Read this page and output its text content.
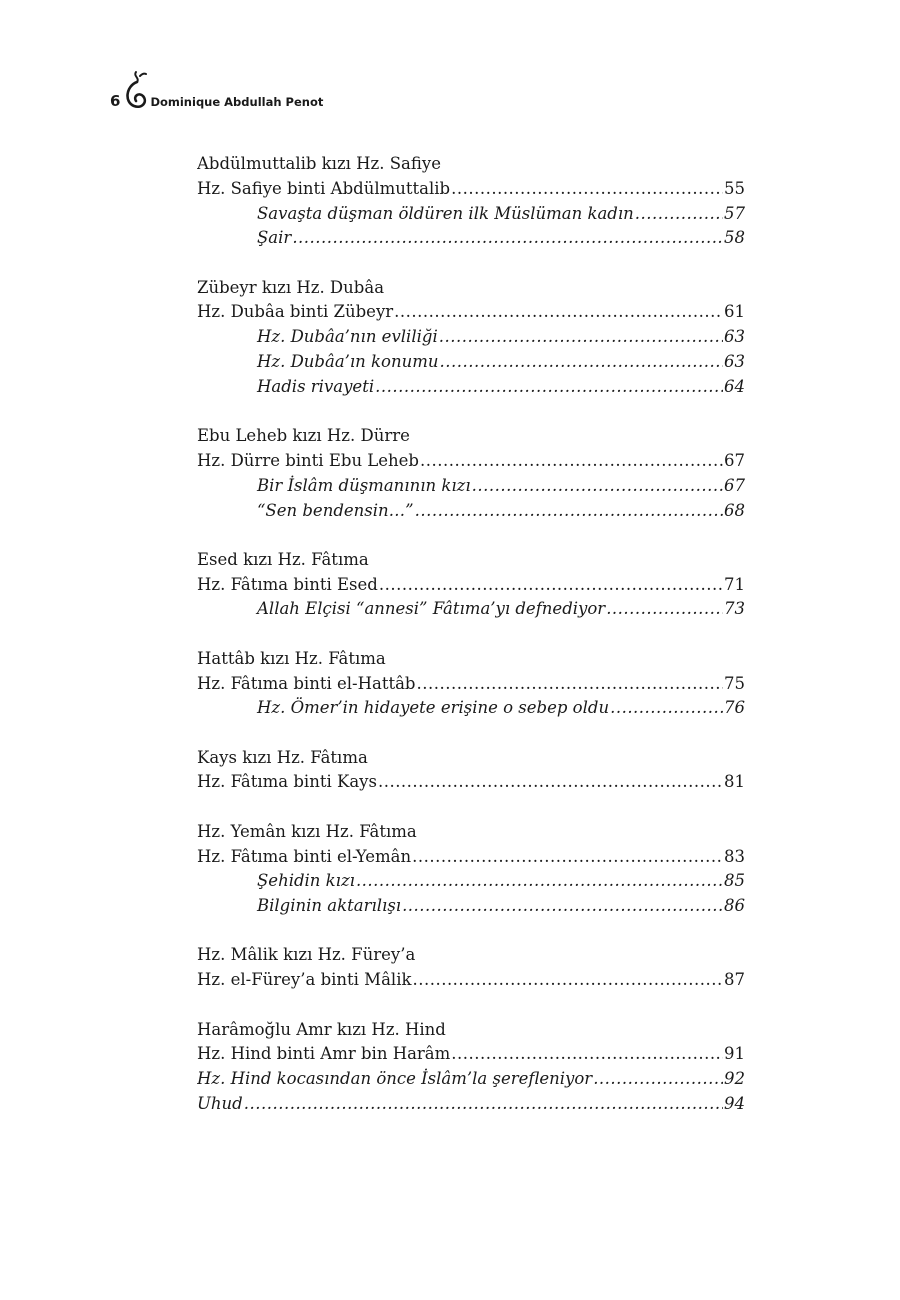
6	Dominique Abdullah Penot
Abdülmuttalib kızı Hz. Safiye
Hz. Safiye binti Abdülmuttalib .....	55
Savaşta düşman öldüren ilk Müslüman kadın .....	57
Şair .....	58
Zübeyr kızı Hz. Dubâa
Hz. Dubâa binti Zübeyr .....	61
Hz. Dubâa’nın evliliği .....	63
Hz. Dubâa’ın konumu .....	63
Hadis rivayeti .....	64
Ebu Leheb kızı Hz. Dürre
Hz. Dürre binti Ebu Leheb .....	67
Bir İslâm düşmanının kızı .....	67
“Sen bendensin…” .....	68
Esed kızı Hz. Fâtıma
Hz. Fâtıma binti Esed .....	71
Allah Elçisi “annesi” Fâtıma’yı defnediyor .....	73
Hattâb kızı Hz. Fâtıma
Hz. Fâtıma binti el-Hattâb .....	75
Hz. Ömer’in hidayete erişine o sebep oldu .....	76
Kays kızı Hz. Fâtıma
Hz. Fâtıma binti Kays .....	81
Hz. Yemân kızı Hz. Fâtıma
Hz. Fâtıma binti el-Yemân .....	83
Şehidin kızı .....	85
Bilginin aktarılışı .....	86
Hz. Mâlik kızı Hz. Fürey’a
Hz. el-Fürey’a binti Mâlik .....	87
Harâmoğlu Amr kızı Hz. Hind
Hz. Hind binti Amr bin Harâm .....	91
Hz. Hind kocasından önce İslâm’la şerefleniyor .....	92
Uhud .....	94
